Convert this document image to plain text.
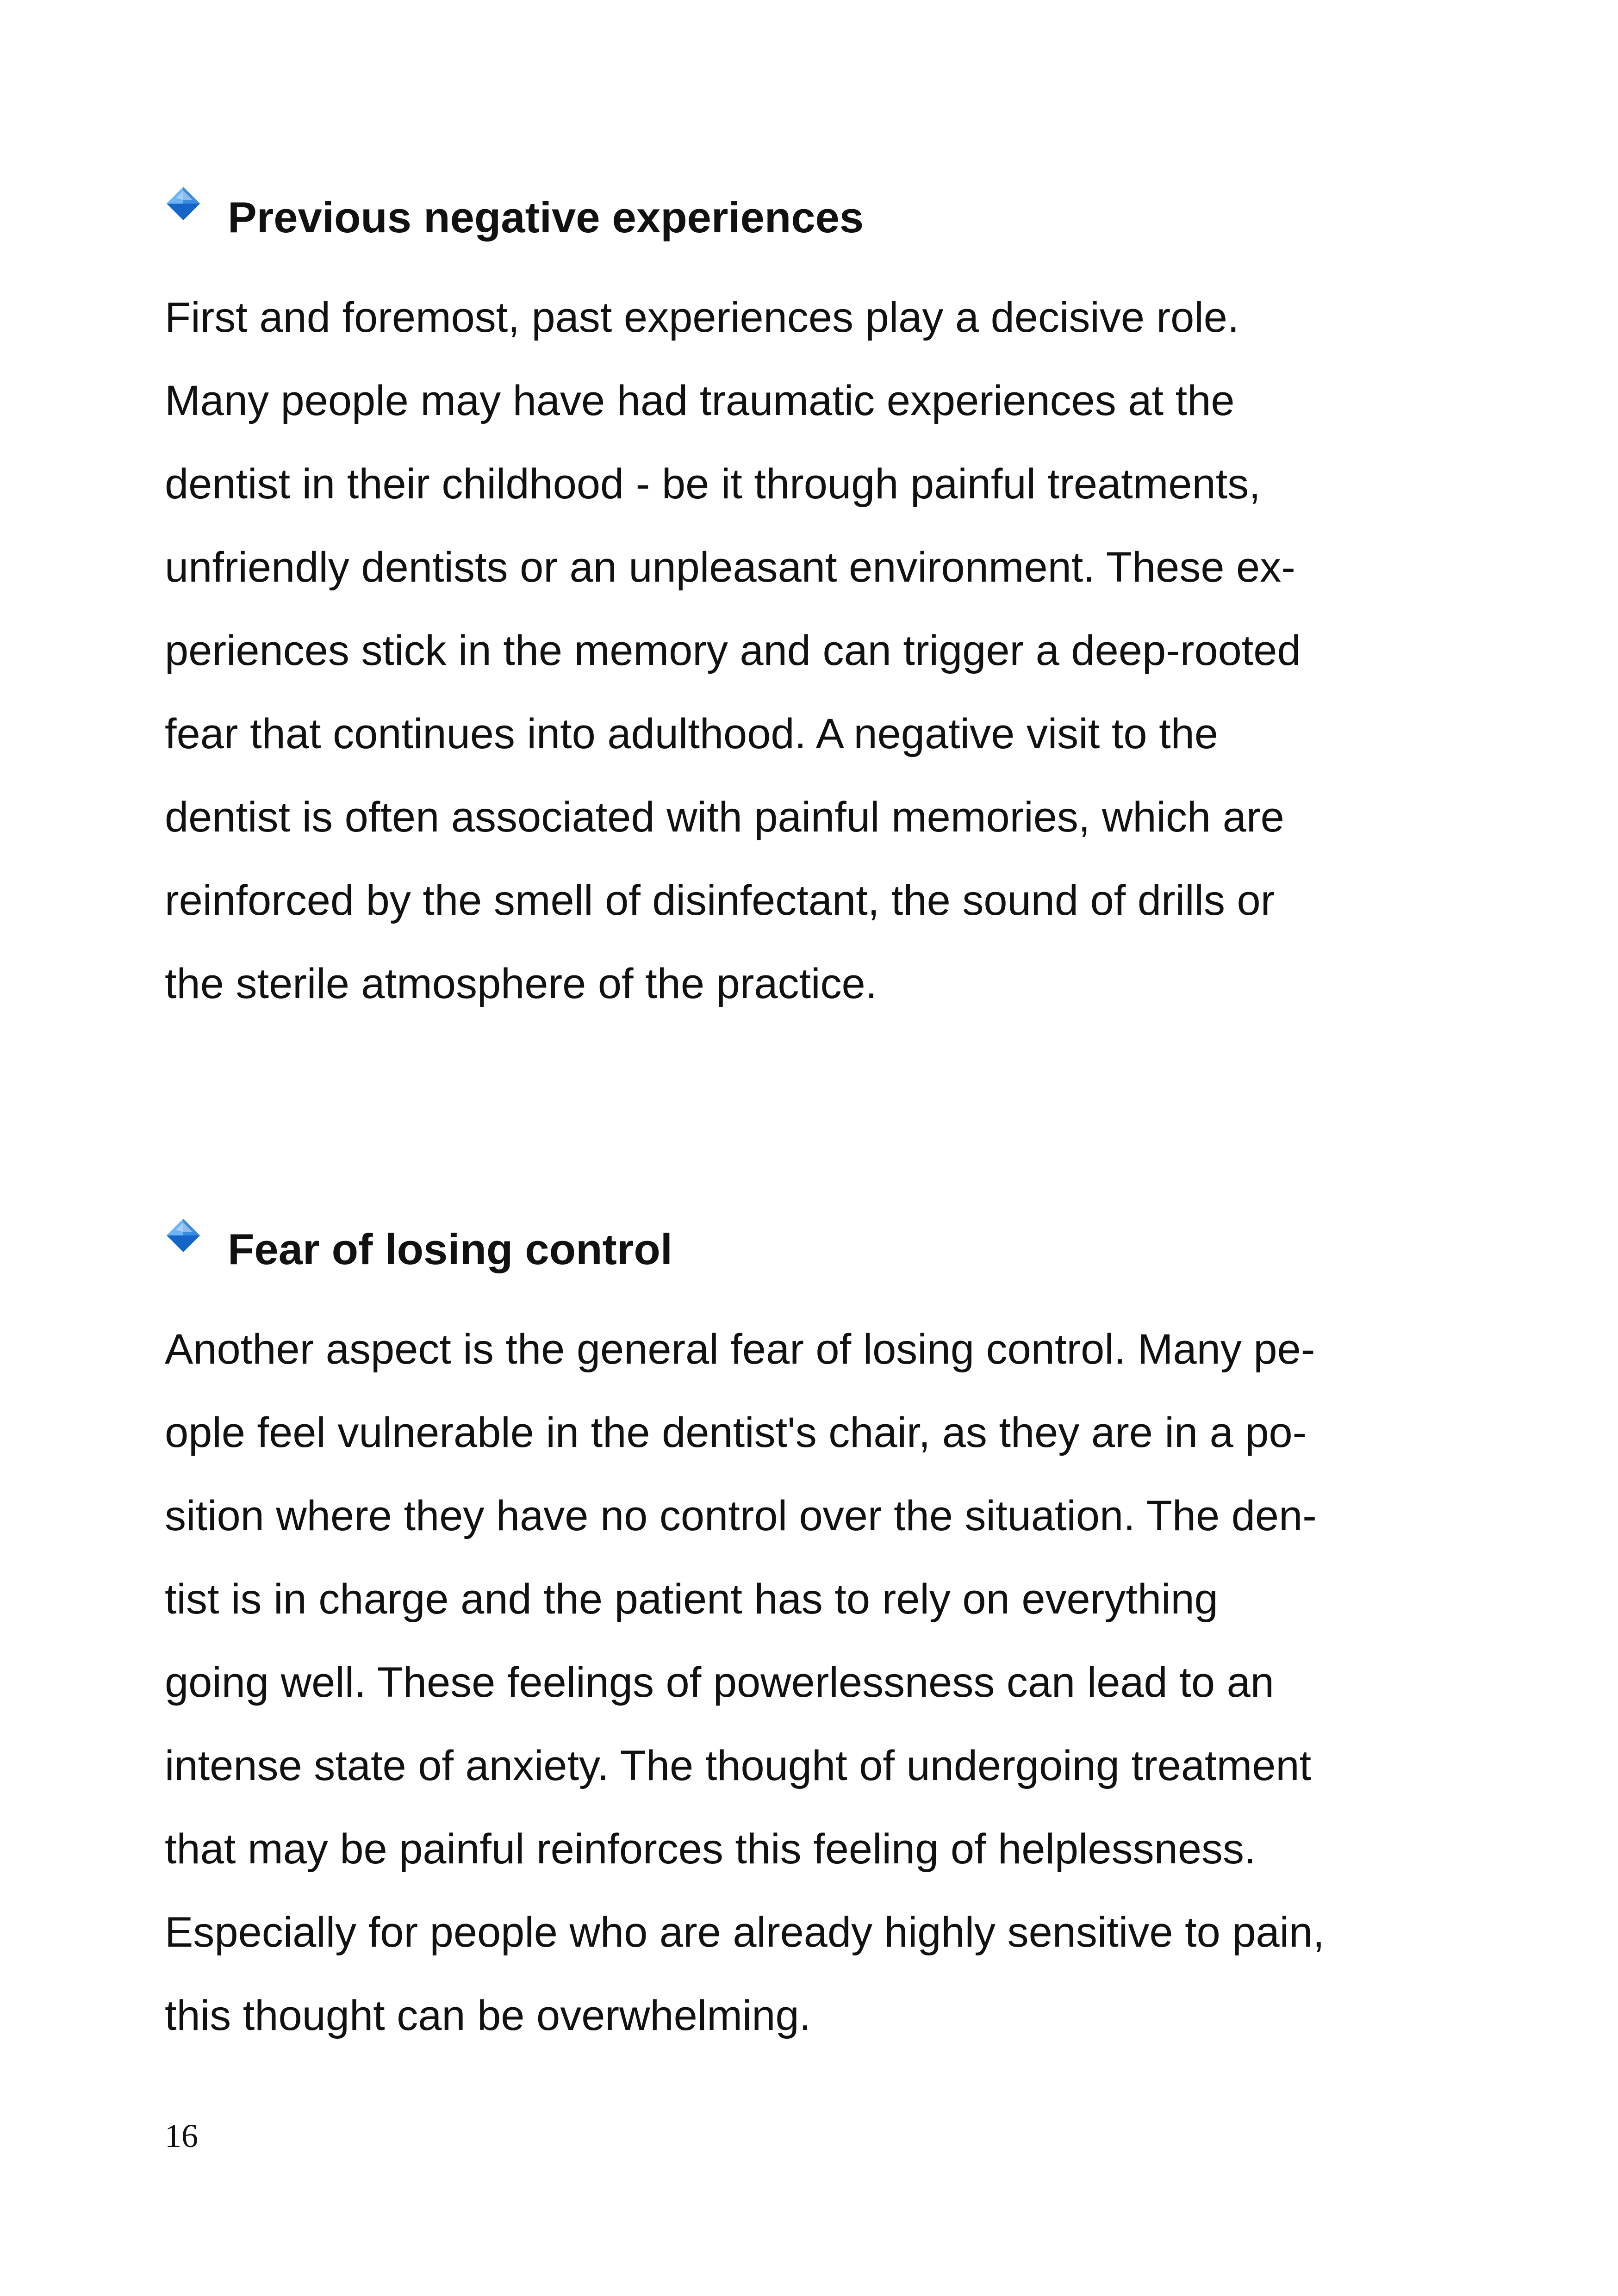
Previous negative experiences

First and foremost, past experiences play a decisive role.
Many people may have had traumatic experiences at the
dentist in their childhood - be it through painful treatments,
unfriendly dentists or an unpleasant environment. These ex-
periences stick in the memory and can trigger a deep-rooted
fear that continues into adulthood. A negative visit to the
dentist is often associated with painful memories, which are
reinforced by the smell of disinfectant, the sound of drills or
the sterile atmosphere of the practice.

Fear of losing control

Another aspect is the general fear of losing control. Many pe-
ople feel vulnerable in the dentist's chair, as they are in a po-
sition where they have no control over the situation. The den-
tist is in charge and the patient has to rely on everything
going well. These feelings of powerlessness can lead to an
intense state of anxiety. The thought of undergoing treatment
that may be painful reinforces this feeling of helplessness.
Especially for people who are already highly sensitive to pain,
this thought can be overwhelming.

16
